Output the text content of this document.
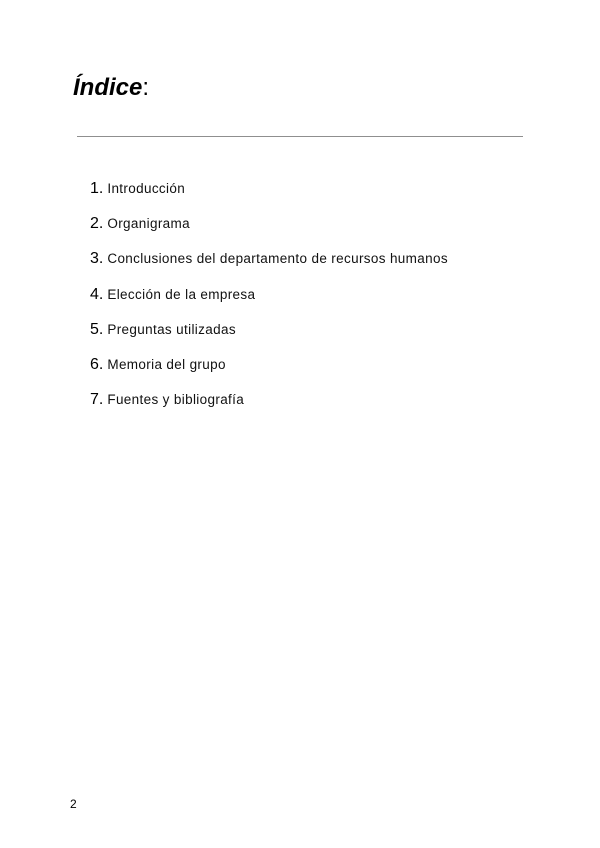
Índice:
1. Introducción
2. Organigrama
3. Conclusiones del departamento de recursos humanos
4. Elección de la empresa
5. Preguntas utilizadas
6. Memoria del grupo
7. Fuentes y bibliografía
2
